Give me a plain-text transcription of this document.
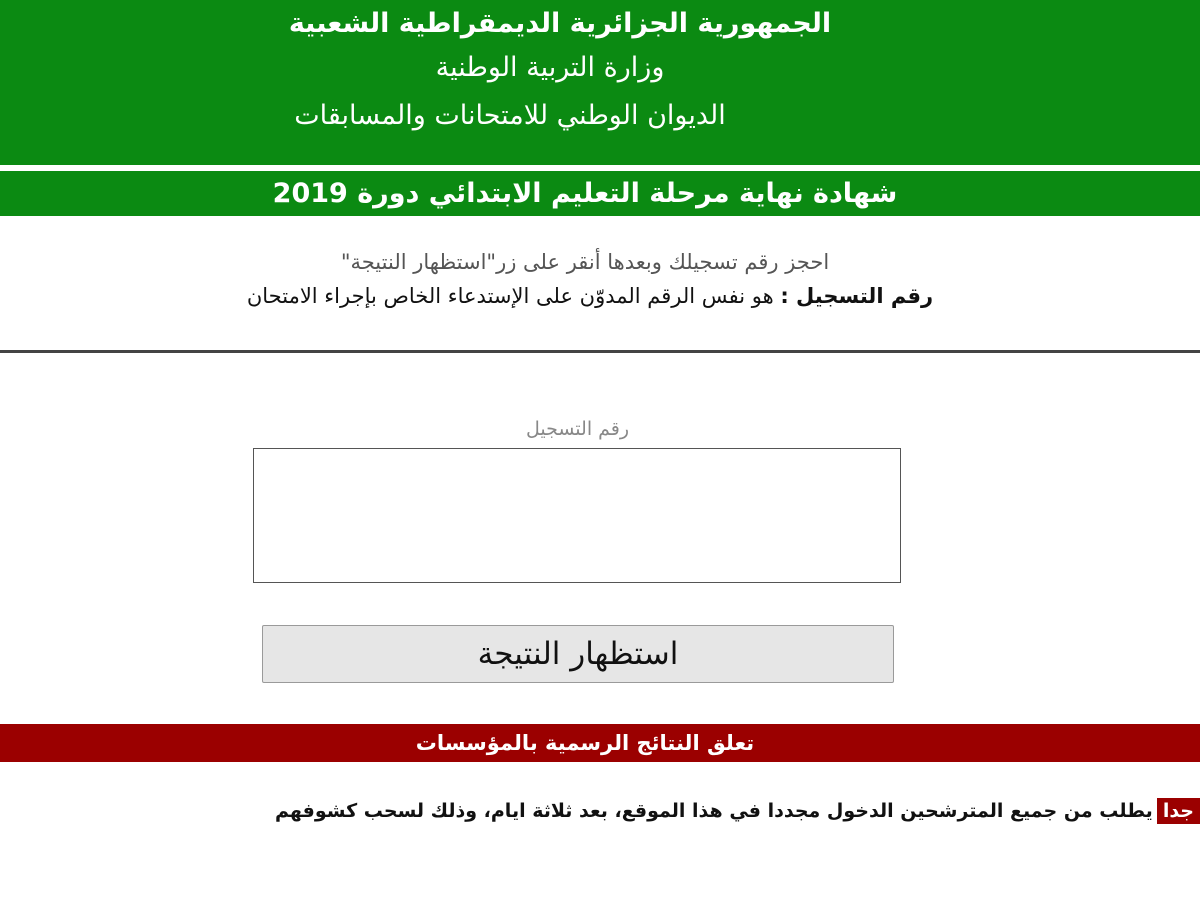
الجمهورية الجزائرية الديمقراطية الشعبية
وزارة التربية الوطنية
الديوان الوطني للامتحانات والمسابقات
شهادة نهاية مرحلة التعليم الابتدائي دورة 2019
احجز رقم تسجيلك وبعدها أنقر على زر"استظهار النتيجة"
رقم التسجيل : هو نفس الرقم المدوّن على الإستدعاء الخاص بإجراء الامتحان
رقم التسجيل
استظهار النتيجة
تعلق النتائج الرسمية بالمؤسسات
جدايطلب من جميع المترشحين الدخول مجددا في هذا الموقع، بعد ثلاثة ايام، وذلك لسحب كشوفهم
